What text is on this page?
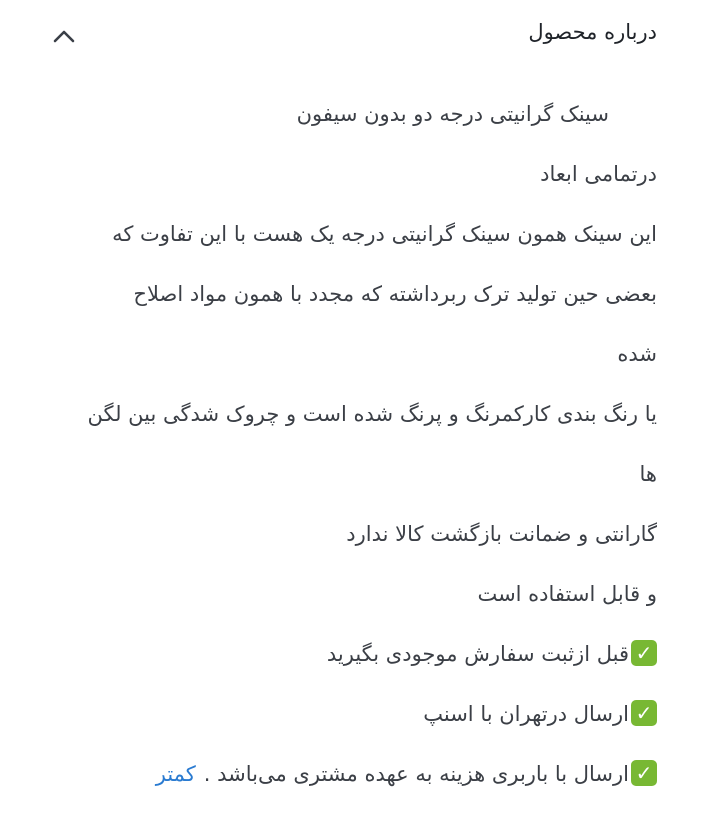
درباره محصول
سینک گرانیتی درجه دو بدون سیفون
درتمامی ابعاد
این سینک همون سینک گرانیتی درجه یک هست با این تفاوت که
بعضی حین تولید ترک ربرداشته که مجدد با همون مواد اصلاح
شده
یا رنگ بندی کارکمرنگ و پرنگ شده است و چروک شدگی بین لگن
ها
گارانتی و ضمانت بازگشت کالا ندارد
و قابل استفاده است
✓قبل ازثبت سفارش موجودی بگیرید
✓ارسال درتهران با اسنپ
✓ارسال با باربری هزینه به عهده مشتری می‌باشد .کمتر
